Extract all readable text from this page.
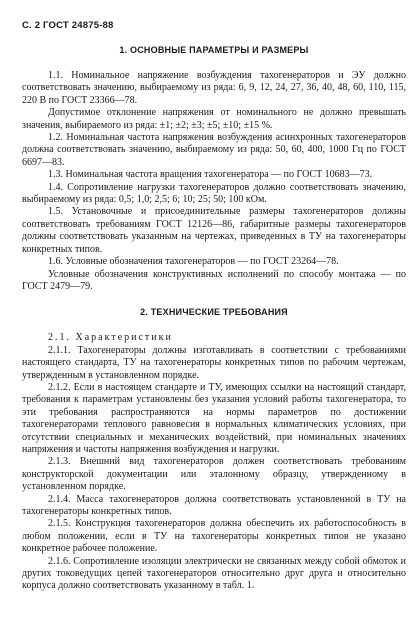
С. 2 ГОСТ 24875-88
1. ОСНОВНЫЕ ПАРАМЕТРЫ И РАЗМЕРЫ

1.1. Номинальное напряжение возбуждения тахогенераторов и ЭУ должно соответствовать значению, выбираемому из ряда: 6, 9, 12, 24, 27, 36, 40, 48, 60, 110, 115, 220 В по ГОСТ 23366—78.

Допустимое отклонение напряжения от номинального не должно превышать значения, выбираемого из ряда: ±1; ±2; ±3; ±5; ±10; ±15 %.

1.2. Номинальная частота напряжения возбуждения асинхронных тахогенераторов должна соответствовать значению, выбираемому из ряда: 50, 60, 400, 1000 Гц по ГОСТ 6697—83.

1.3. Номинальная частота вращения тахогенератора — по ГОСТ 10683—73.

1.4. Сопротивление нагрузки тахогенераторов должно соответствовать значению, выбираемому из ряда: 0,5; 1,0; 2,5; 6; 10; 25; 50; 100 кОм.

1.5. Установочные и присоединительные размеры тахогенераторов должны соответствовать требованиям ГОСТ 12126—86, габаритные размеры тахогенераторов должны соответствовать указанным на чертежах, приведенных в ТУ на тахогенераторы конкретных типов.

1.6. Условные обозначения тахогенераторов — по ГОСТ 23264—78.

Условные обозначения конструктивных исполнений по способу монтажа — по ГОСТ 2479—79.

2. ТЕХНИЧЕСКИЕ ТРЕБОВАНИЯ

2.1. Характеристики

2.1.1. Тахогенераторы должны изготавливать в соответствии с требованиями настоящего стандарта, ТУ на тахогенераторы конкретных типов по рабочим чертежам, утвержденным в установленном порядке.

2.1.2. Если в настоящем стандарте и ТУ, имеющих ссылки на настоящий стандарт, требования к параметрам установлены без указания условий работы тахогенератора, то эти требования распространяются на нормы параметров по достижении тахогенераторами теплового равновесия в нормальных климатических условиях, при отсутствии специальных и механических воздействий, при номинальных значениях напряжения и частоты напряжения возбуждения и нагрузки.

2.1.3. Внешний вид тахогенераторов должен соответствовать требованиям конструкторской документации или эталонному образцу, утвержденному в установленном порядке.

2.1.4. Масса тахогенераторов должна соответствовать установленной в ТУ на тахогенераторы конкретных типов.

2.1.5. Конструкция тахогенераторов должна обеспечить их работоспособность в любом положении, если в ТУ на тахогенераторы конкретных типов не указано конкретное рабочее положение.

2.1.6. Сопротивление изоляции электрически не связанных между собой обмоток и других токоведущих цепей тахогенераторов относительно друг друга и относительно корпуса должно соответствовать указанному в табл. 1.
